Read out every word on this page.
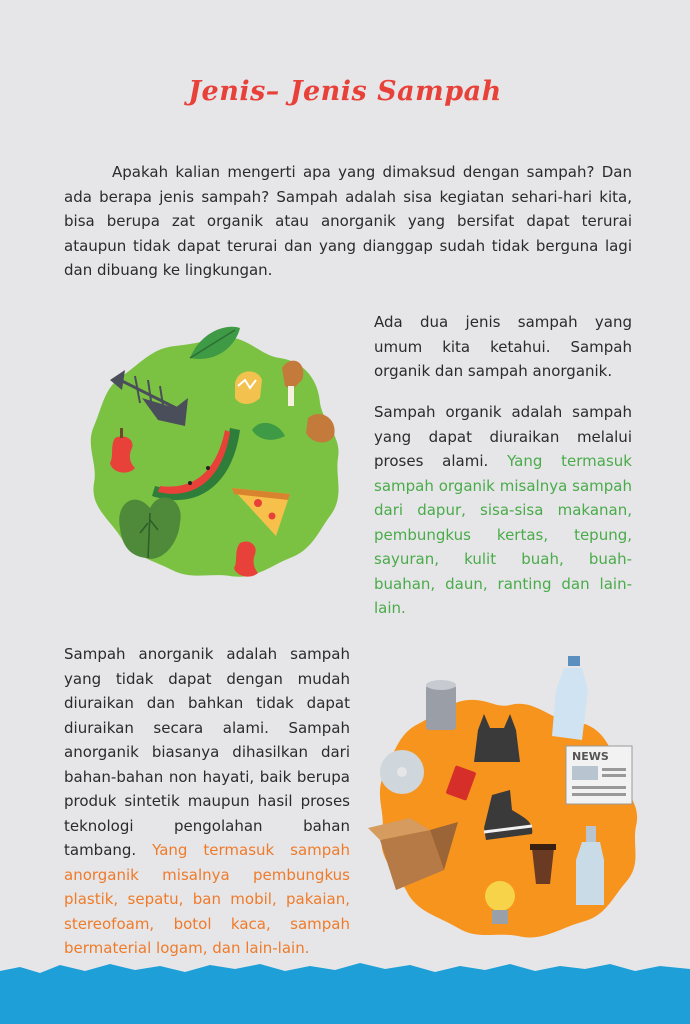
Jenis– Jenis Sampah

Apakah kalian mengerti apa yang dimaksud dengan sampah? Dan ada berapa jenis sampah? Sampah adalah sisa kegiatan sehari-hari kita, bisa berupa zat organik atau anorganik yang bersifat dapat terurai ataupun tidak dapat terurai dan yang dianggap sudah tidak berguna lagi dan dibuang ke lingkungan.

Ada dua jenis sampah yang umum kita ketahui. Sampah organik dan sampah anorganik.

Sampah organik adalah sampah yang dapat diuraikan melalui proses alami. Yang termasuk sampah organik misalnya sampah dari dapur, sisa-sisa makanan, pembungkus kertas, tepung, sayuran, kulit buah, buah-buahan, daun, ranting dan lain-lain.

Sampah anorganik adalah sampah yang tidak dapat dengan mudah diuraikan dan bahkan tidak dapat diuraikan secara alami. Sampah anorganik biasanya dihasilkan dari bahan-bahan non hayati, baik berupa produk sintetik maupun hasil proses teknologi pengolahan bahan tambang. Yang termasuk sampah anorganik misalnya pembungkus plastik, sepatu, ban mobil, pakaian, stereofoam, botol kaca, sampah bermaterial logam, dan lain-lain.

NEWS
